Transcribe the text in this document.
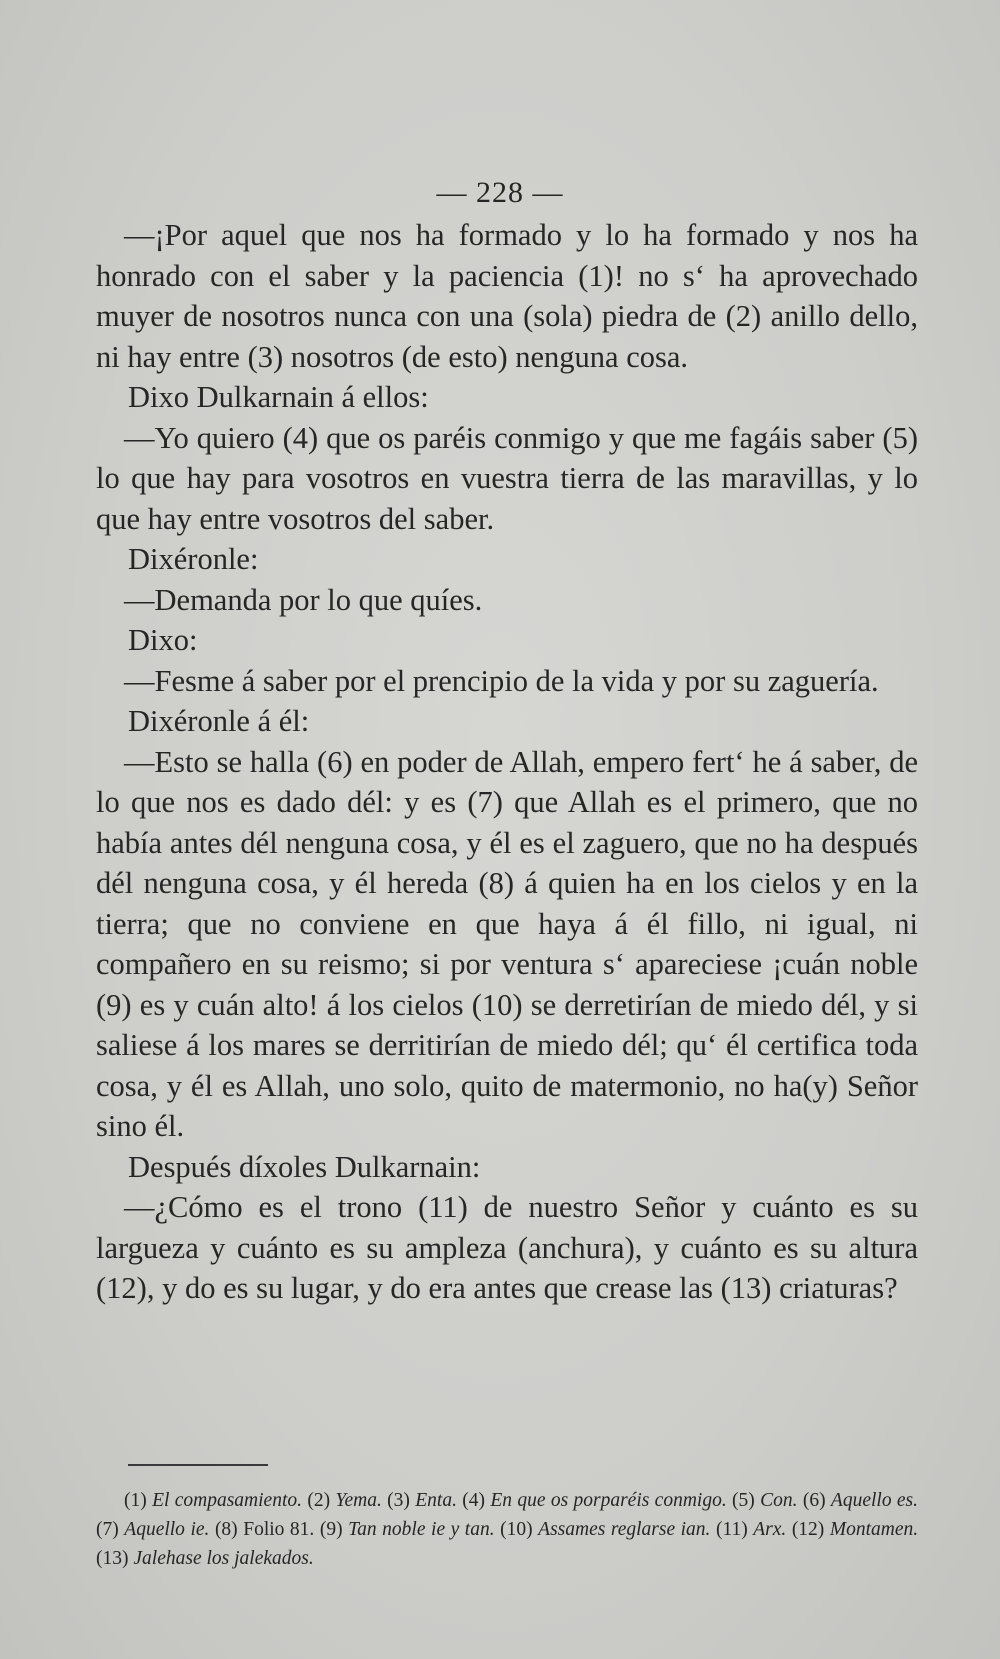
— 228 —

—¡Por aquel que nos ha formado y lo ha formado y nos ha honrado con el saber y la paciencia (1)! no s‘ ha aprovechado muyer de nosotros nunca con una (sola) piedra de (2) anillo dello, ni hay entre (3) nosotros (de esto) nenguna cosa.

Dixo Dulkarnain á ellos:

—Yo quiero (4) que os paréis conmigo y que me fagáis saber (5) lo que hay para vosotros en vuestra tierra de las maravillas, y lo que hay entre vosotros del saber.

Dixéronle:

—Demanda por lo que quíes.

Dixo:

—Fesme á saber por el prencipio de la vida y por su zaguería.

Dixéronle á él:

—Esto se halla (6) en poder de Allah, empero fert‘ he á saber, de lo que nos es dado dél: y es (7) que Allah es el primero, que no había antes dél nenguna cosa, y él es el zaguero, que no ha después dél nenguna cosa, y él hereda (8) á quien ha en los cielos y en la tierra; que no conviene en que haya á él fillo, ni igual, ni compañero en su reismo; si por ventura s‘ apareciese ¡cuán noble (9) es y cuán alto! á los cielos (10) se derretirían de miedo dél, y si saliese á los mares se derritirían de miedo dél; qu‘ él certifica toda cosa, y él es Allah, uno solo, quito de matermonio, no ha(y) Señor sino él.

Después díxoles Dulkarnain:

—¿Cómo es el trono (11) de nuestro Señor y cuánto es su largueza y cuánto es su ampleza (anchura), y cuánto es su altura (12), y do es su lugar, y do era antes que crease las (13) criaturas?

(1) El compasamiento. (2) Yema. (3) Enta. (4) En que os porparéis conmigo. (5) Con. (6) Aquello es. (7) Aquello ie. (8) Folio 81. (9) Tan noble ie y tan. (10) Assames reglarse ian. (11) Arx. (12) Montamen. (13) Jalehase los jalekados.
